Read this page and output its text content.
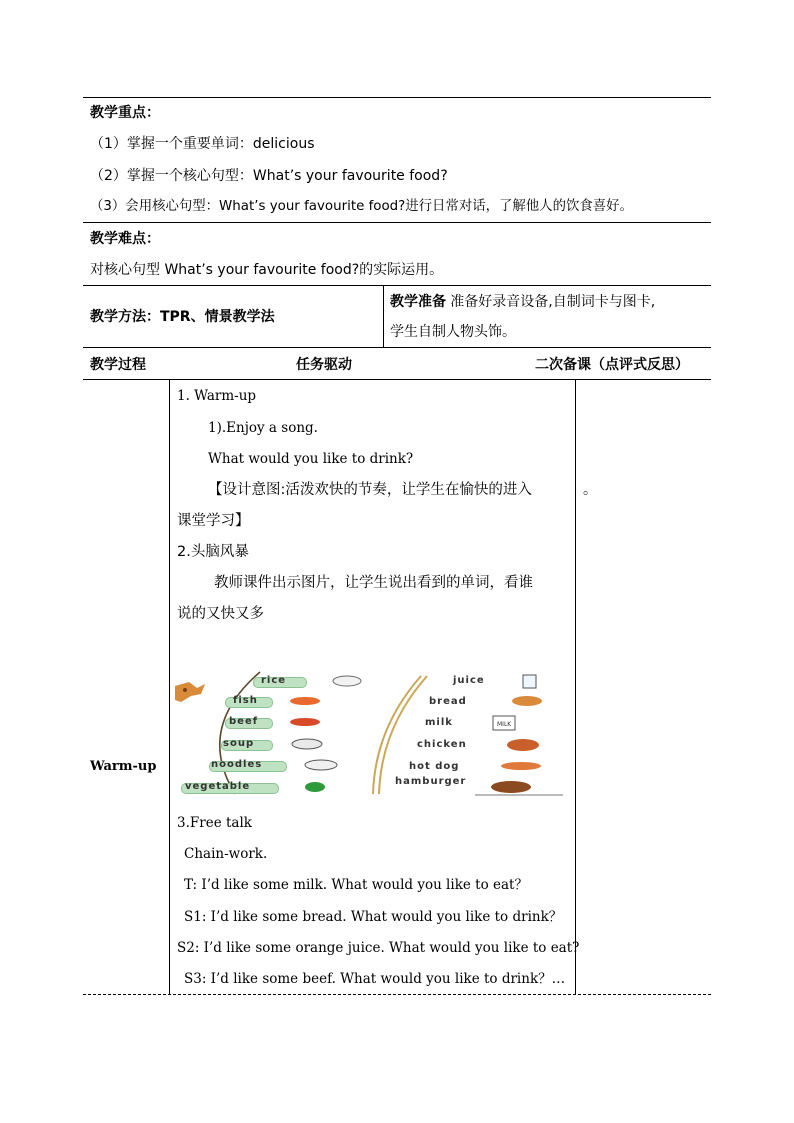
教学重点：
（1）掌握一个重要单词：delicious
（2）掌握一个核心句型：What’s your favourite food?
（3）会用核心句型：What’s your favourite food?进行日常对话，了解他人的饮食喜好。
教学难点：
对核心句型 What’s your favourite food?的实际运用。
教学方法：TPR、情景教学法
教学准备 准备好录音设备,自制词卡与图卡,
学生自制人物头饰。
教学过程	任务驱动	二次备课（点评式反思）
Warm-up
。
1. Warm-up
1).Enjoy a song.
What would you like to drink?
【设计意图:活泼欢快的节奏，让学生在愉快的进入
课堂学习】
2.头脑风暴
教师课件出示图片，让学生说出看到的单词，看谁
说的又快又多
MILK
rice
fish
beef
soup
noodles
vegetable
juice
bread
milk
chicken
hot dog
hamburger
3.Free talk
Chain-work.
T: I’d like some milk. What would you like to eat？
S1: I’d like some bread. What would you like to drink？
S2: I’d like some orange juice. What would you like to eat?
S3: I’d like some beef. What would you like to drink？…
